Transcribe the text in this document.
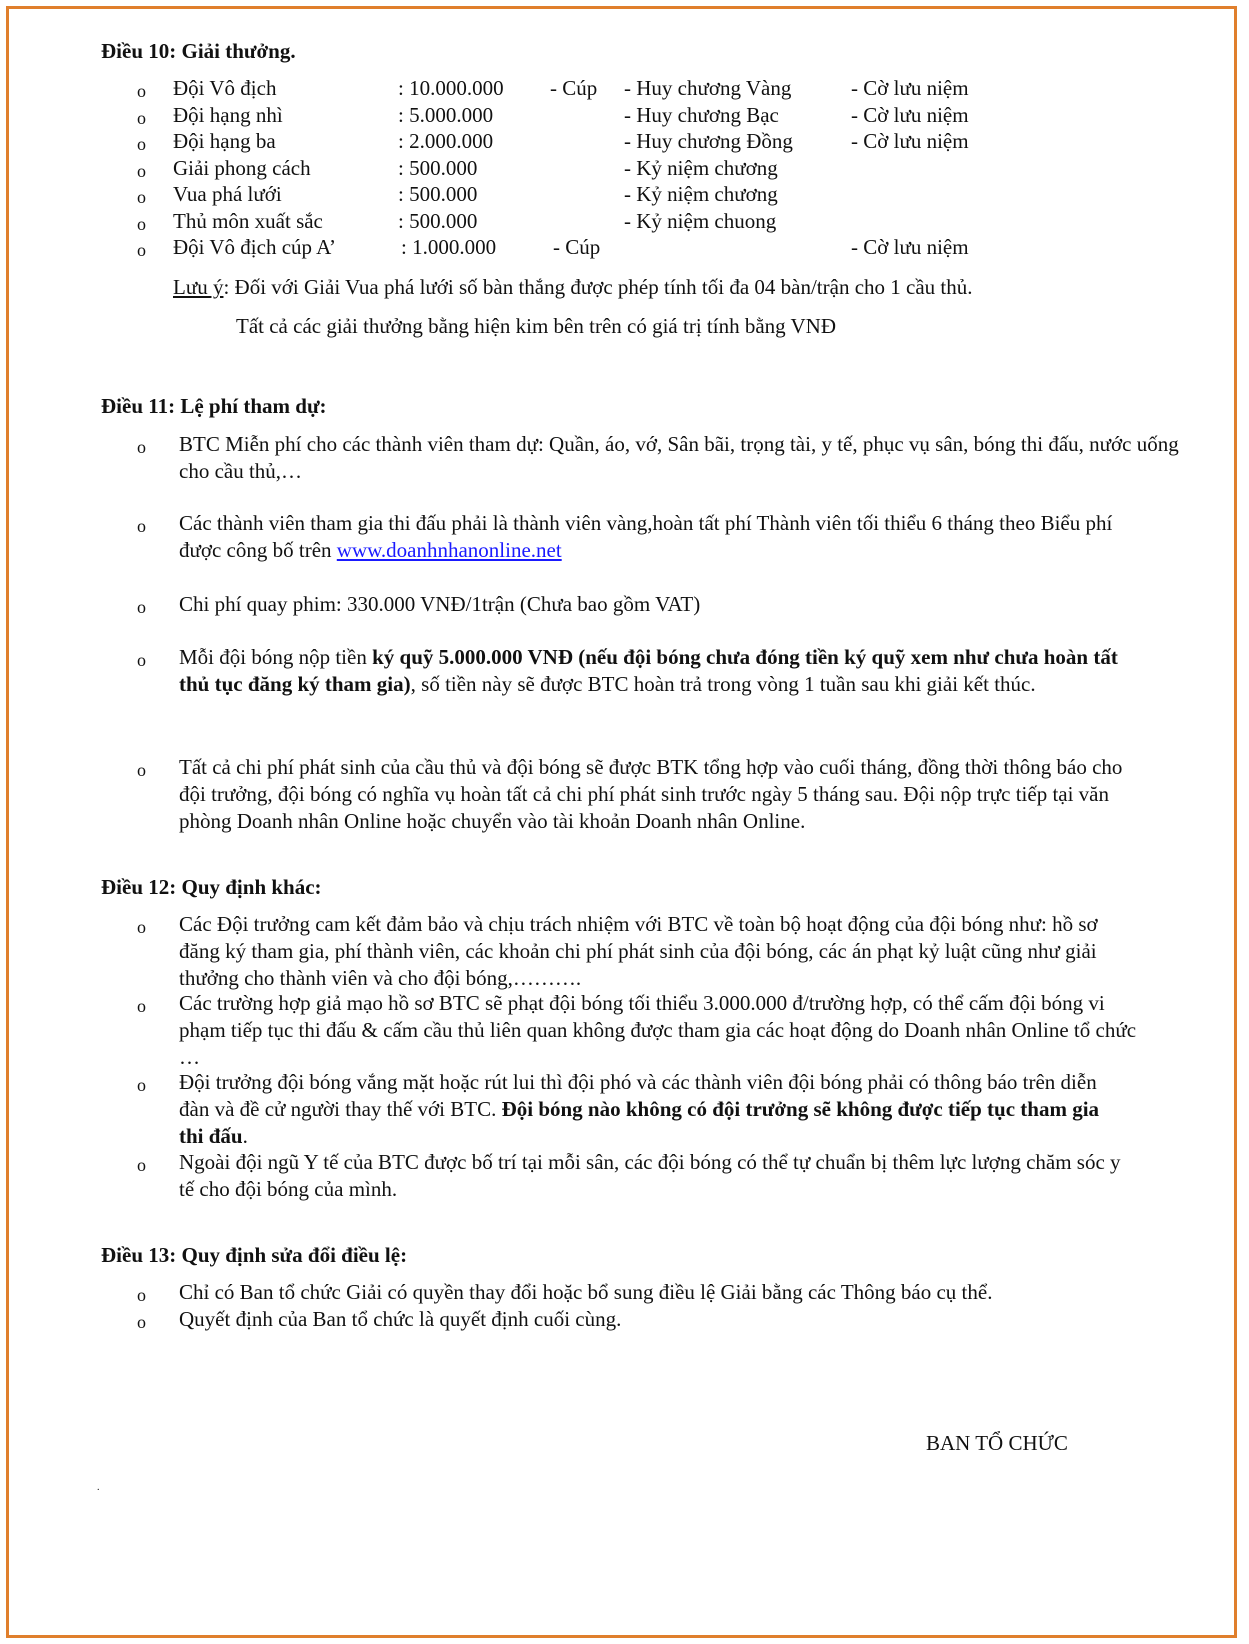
Điều 10: Giải thưởng.
o Đội Vô địch	: 10.000.000 - Cúp - Huy chương Vàng	- Cờ lưu niệm
o Đội hạng nhì	: 5.000.000	- Huy chương Bạc	- Cờ lưu niệm
o Đội hạng ba	: 2.000.000	- Huy chương Đồng	- Cờ lưu niệm
o Giải phong cách	: 500.000	- Kỷ niệm chương
o Vua phá lưới	: 500.000	- Kỷ niệm chương
o Thủ môn xuất sắc	: 500.000	- Kỷ niệm chuong
o Đội Vô địch cúp A’	: 1.000.000	- Cúp	- Cờ lưu niệm
Lưu ý: Đối với Giải Vua phá lưới số bàn thắng được phép tính tối đa 04 bàn/trận cho 1 cầu thủ.
Tất cả các giải thưởng bằng hiện kim bên trên có giá trị tính bằng VNĐ
Điều 11: Lệ phí tham dự:
o BTC Miễn phí cho các thành viên tham dự: Quần, áo, vớ, Sân bãi, trọng tài, y tế, phục vụ sân, bóng thi đấu, nước uống cho cầu thủ,…
o Các thành viên tham gia thi đấu phải là thành viên vàng,hoàn tất phí Thành viên tối thiểu 6 tháng theo Biểu phí được công bố trên www.doanhnhanonline.net
o Chi phí quay phim: 330.000 VNĐ/1trận (Chưa bao gồm VAT)
o Mỗi đội bóng nộp tiền ký quỹ 5.000.000 VNĐ (nếu đội bóng chưa đóng tiền ký quỹ xem như chưa hoàn tất thủ tục đăng ký tham gia), số tiền này sẽ được BTC hoàn trả trong vòng 1 tuần sau khi giải kết thúc.
o Tất cả chi phí phát sinh của cầu thủ và đội bóng sẽ được BTK tổng hợp vào cuối tháng, đồng thời thông báo cho đội trưởng, đội bóng có nghĩa vụ hoàn tất cả chi phí phát sinh trước ngày 5 tháng sau. Đội nộp trực tiếp tại văn phòng Doanh nhân Online hoặc chuyển vào tài khoản Doanh nhân Online.
Điều 12: Quy định khác:
o Các Đội trưởng cam kết đảm bảo và chịu trách nhiệm với BTC về toàn bộ hoạt động của đội bóng như: hồ sơ đăng ký tham gia, phí thành viên, các khoản chi phí phát sinh của đội bóng, các án phạt kỷ luật cũng như giải thưởng cho thành viên và cho đội bóng,……….
o Các trường hợp giả mạo hồ sơ BTC sẽ phạt đội bóng tối thiểu 3.000.000 đ/trường hợp, có thể cấm đội bóng vi phạm tiếp tục thi đấu & cấm cầu thủ liên quan không được tham gia các hoạt động do Doanh nhân Online tổ chức …
o Đội trưởng đội bóng vắng mặt hoặc rút lui thì đội phó và các thành viên đội bóng phải có thông báo trên diễn đàn và đề cử người thay thế với BTC. Đội bóng nào không có đội trưởng sẽ không được tiếp tục tham gia thi đấu.
o Ngoài đội ngũ Y tế của BTC được bố trí tại mỗi sân, các đội bóng có thể tự chuẩn bị thêm lực lượng chăm sóc y tế cho đội bóng của mình.
Điều 13: Quy định sửa đổi điều lệ:
o Chỉ có Ban tổ chức Giải có quyền thay đổi hoặc bổ sung điều lệ Giải bằng các Thông báo cụ thể.
o Quyết định của Ban tổ chức là quyết định cuối cùng.
BAN TỔ CHỨC
.
